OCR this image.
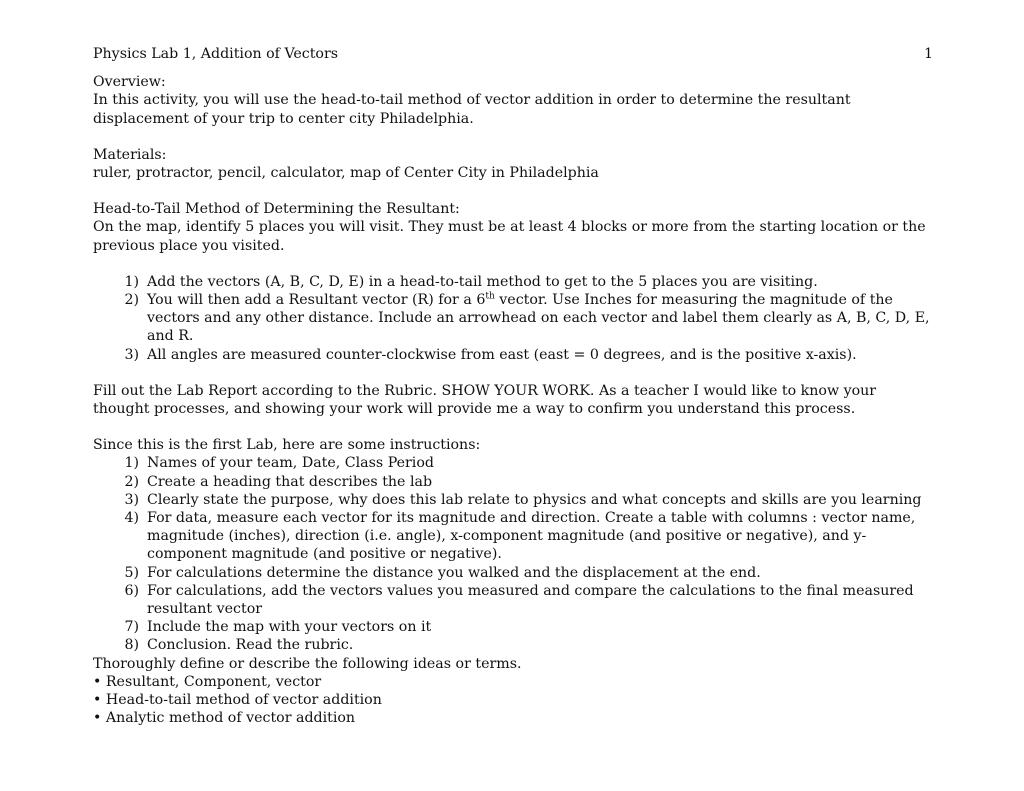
Physics Lab 1, Addition of Vectors	1

Overview:

In this activity, you will use the head-to-tail method of vector addition in order to determine the resultant displacement of your trip to center city Philadelphia.

Materials:

ruler, protractor, pencil, calculator, map of Center City in Philadelphia

Head-to-Tail Method of Determining the Resultant:

On the map, identify 5 places you will visit. They must be at least 4 blocks or more from the starting location or the previous place you visited.

1) Add the vectors (A, B, C, D, E) in a head-to-tail method to get to the 5 places you are visiting.
2) You will then add a Resultant vector (R) for a 6th vector. Use Inches for measuring the magnitude of the vectors and any other distance. Include an arrowhead on each vector and label them clearly as A, B, C, D, E, and R.
3) All angles are measured counter-clockwise from east (east = 0 degrees, and is the positive x-axis).

Fill out the Lab Report according to the Rubric. SHOW YOUR WORK. As a teacher I would like to know your thought processes, and showing your work will provide me a way to confirm you understand this process.

Since this is the first Lab, here are some instructions:

1) Names of your team, Date, Class Period
2) Create a heading that describes the lab
3) Clearly state the purpose, why does this lab relate to physics and what concepts and skills are you learning
4) For data, measure each vector for its magnitude and direction. Create a table with columns : vector name, magnitude (inches), direction (i.e. angle), x-component magnitude (and positive or negative), and y-component magnitude (and positive or negative).
5) For calculations determine the distance you walked and the displacement at the end.
6) For calculations, add the vectors values you measured and compare the calculations to the final measured resultant vector
7) Include the map with your vectors on it
8) Conclusion. Read the rubric.

Thoroughly define or describe the following ideas or terms.

• Resultant, Component, vector
• Head-to-tail method of vector addition
• Analytic method of vector addition
